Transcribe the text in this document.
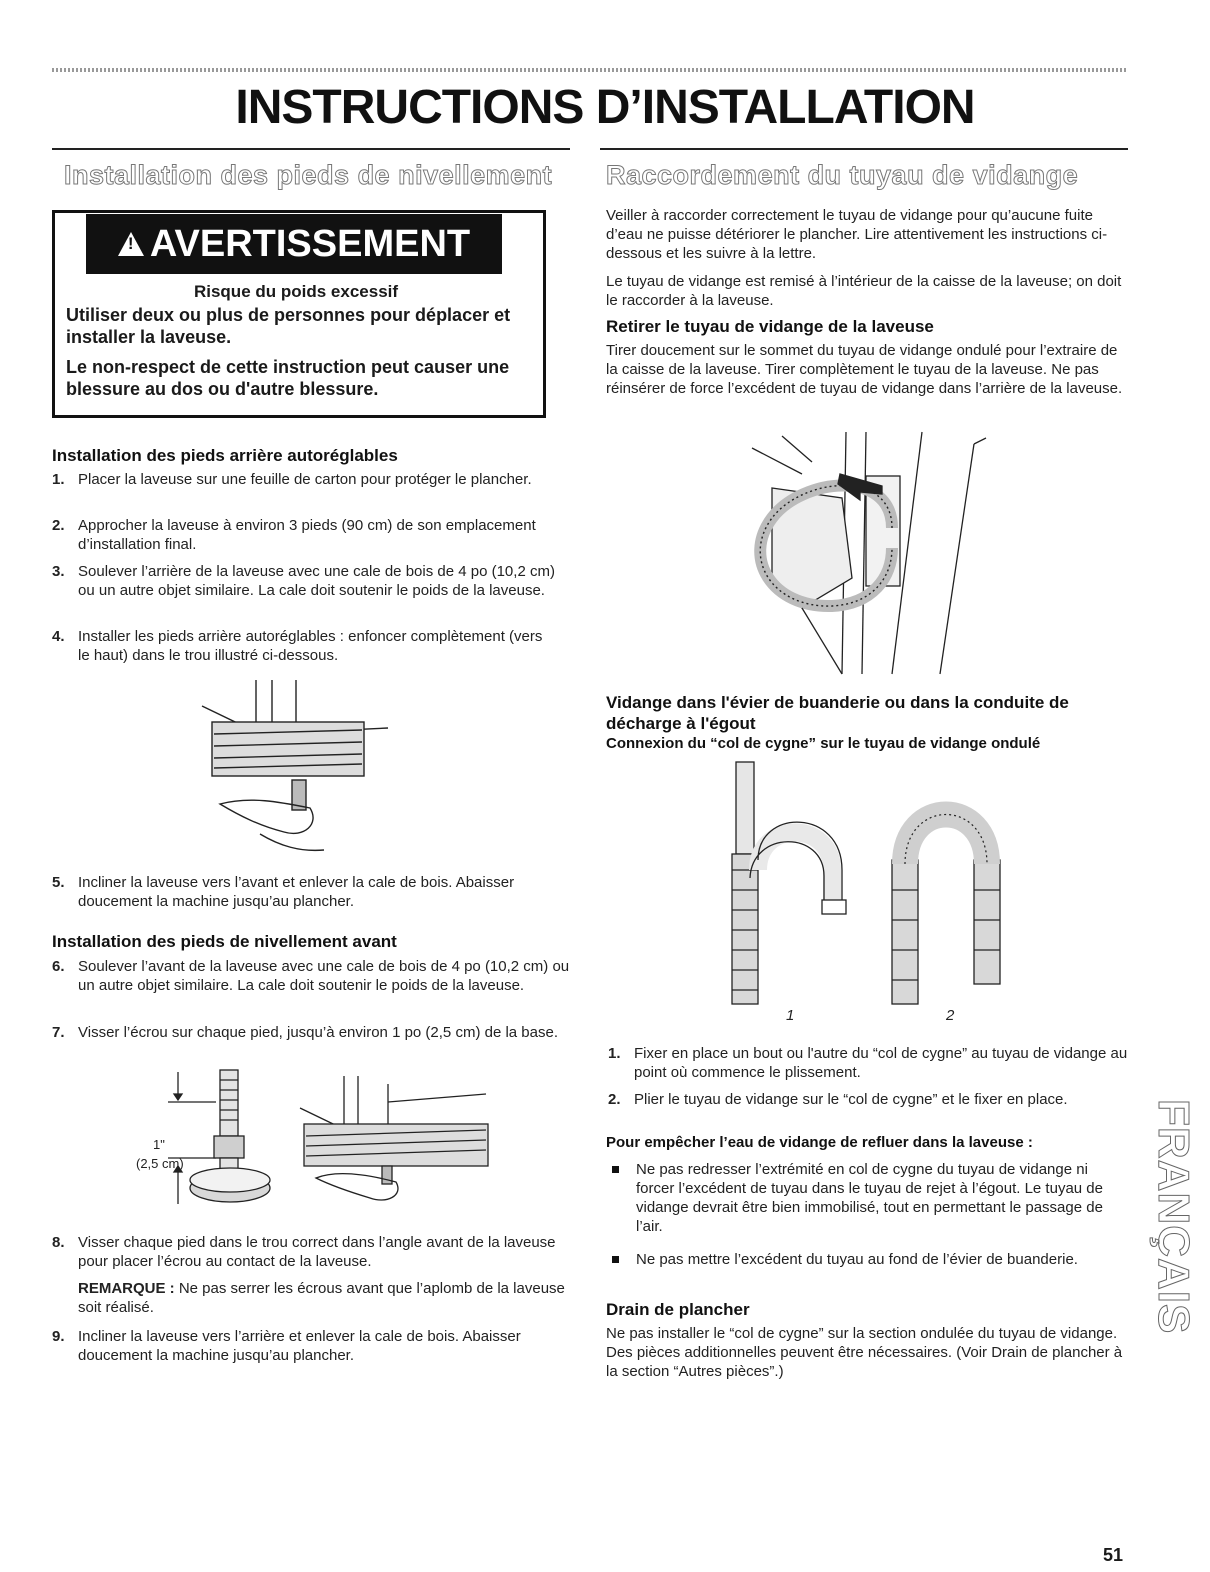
INSTRUCTIONS D’INSTALLATION
Installation des pieds de nivellement
!
AVERTISSEMENT
Risque du poids excessif

Utiliser deux ou plus de personnes pour déplacer et installer la laveuse.

Le non-respect de cette instruction peut causer une blessure au dos ou d'autre blessure.

Installation des pieds arrière autoréglables
1. Placer la laveuse sur une feuille de carton pour protéger le plancher.
2. Approcher la laveuse à environ 3 pieds (90 cm) de son emplacement d’installation final.
3. Soulever l’arrière de la laveuse avec une cale de bois de 4 po (10,2 cm) ou un autre objet similaire. La cale doit soutenir le poids de la laveuse.
4. Installer les pieds arrière autoréglables : enfoncer complètement (vers le haut) dans le trou illustré ci-dessous.
5. Incliner la laveuse vers l’avant et enlever la cale de bois. Abaisser doucement la machine jusqu’au plancher.
Installation des pieds de nivellement avant
6. Soulever l’avant de la laveuse avec une cale de bois de 4 po (10,2 cm) ou un autre objet similaire. La cale doit soutenir le poids de la laveuse.
7. Visser l’écrou sur chaque pied, jusqu’à environ 1 po (2,5 cm) de la base.
1"
(2,5 cm)
8. Visser chaque pied dans le trou correct dans l’angle avant de la laveuse pour placer l’écrou au contact de la laveuse.

REMARQUE : Ne pas serrer les écrous avant que l’aplomb de la laveuse soit réalisé.

9. Incliner la laveuse vers l’arrière et enlever la cale de bois. Abaisser doucement la machine jusqu’au plancher.
Raccordement du tuyau de vidange

Veiller à raccorder correctement le tuyau de vidange pour qu’aucune fuite d’eau ne puisse détériorer le plancher. Lire attentivement les instructions ci-dessous et les suivre à la lettre.

Le tuyau de vidange est remisé à l’intérieur de la caisse de la laveuse; on doit le raccorder à la laveuse.

Retirer le tuyau de vidange de la laveuse

Tirer doucement sur le sommet du tuyau de vidange ondulé pour l’extraire de la caisse de la laveuse. Tirer complètement le tuyau de la laveuse. Ne pas réinsérer de force l’excédent de tuyau de vidange dans l’arrière de la laveuse.

Vidange dans l'évier de buanderie ou dans la conduite de décharge à l'égout
Connexion du “col de cygne” sur le tuyau de vidange ondulé
1	2
1. Fixer en place un bout ou l'autre du “col de cygne” au tuyau de vidange au point où commence le plissement.
2. Plier le tuyau de vidange sur le “col de cygne” et le fixer en place.
Pour empêcher l’eau de vidange de refluer dans la laveuse :

Ne pas redresser l’extrémité en col de cygne du tuyau de vidange ni forcer l’excédent de tuyau dans le tuyau de rejet à l’égout. Le tuyau de vidange devrait être bien immobilisé, tout en permettant le passage de l’air.

Ne pas mettre l’excédent du tuyau au fond de l’évier de buanderie.

Drain de plancher

Ne pas installer le “col de cygne” sur la section ondulée du tuyau de vidange. Des pièces additionnelles peuvent être nécessaires. (Voir Drain de plancher à la section “Autres pièces”.)

FRANÇAIS
51
